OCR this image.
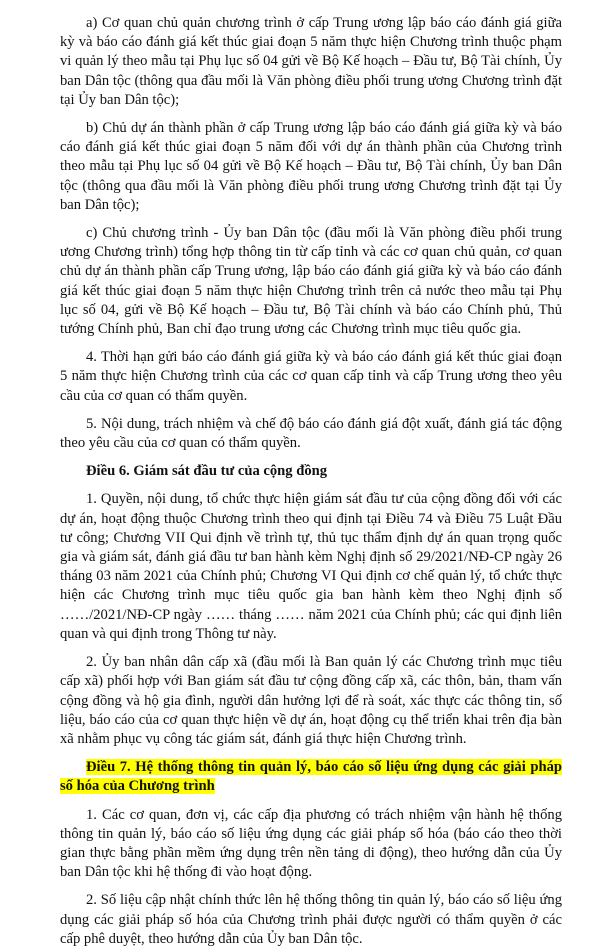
a) Cơ quan chủ quản chương trình ở cấp Trung ương lập báo cáo đánh giá giữa kỳ và báo cáo đánh giá kết thúc giai đoạn 5 năm thực hiện Chương trình thuộc phạm vi quản lý theo mẫu tại Phụ lục số 04 gửi về Bộ Kế hoạch – Đầu tư, Bộ Tài chính, Ủy ban Dân tộc (thông qua đầu mối là Văn phòng điều phối trung ương Chương trình đặt tại Ủy ban Dân tộc);

b) Chủ dự án thành phần ở cấp Trung ương lập báo cáo đánh giá giữa kỳ và báo cáo đánh giá kết thúc giai đoạn 5 năm đối với dự án thành phần của Chương trình theo mẫu tại Phụ lục số 04 gửi về Bộ Kế hoạch – Đầu tư, Bộ Tài chính, Ủy ban Dân tộc (thông qua đầu mối là Văn phòng điều phối trung ương Chương trình đặt tại Ủy ban Dân tộc);

c) Chủ chương trình - Ủy ban Dân tộc (đầu mối là Văn phòng điều phối trung ương Chương trình) tổng hợp thông tin từ cấp tỉnh và các cơ quan chủ quản, cơ quan chủ dự án thành phần cấp Trung ương, lập báo cáo đánh giá giữa kỳ và báo cáo đánh giá kết thúc giai đoạn 5 năm thực hiện Chương trình trên cả nước theo mẫu tại Phụ lục số 04, gửi về Bộ Kế hoạch – Đầu tư, Bộ Tài chính và báo cáo Chính phủ, Thủ tướng Chính phủ, Ban chỉ đạo trung ương các Chương trình mục tiêu quốc gia.

4. Thời hạn gửi báo cáo đánh giá giữa kỳ và báo cáo đánh giá kết thúc giai đoạn 5 năm thực hiện Chương trình của các cơ quan cấp tỉnh và cấp Trung ương theo yêu cầu của cơ quan có thẩm quyền.

5. Nội dung, trách nhiệm và chế độ báo cáo đánh giá đột xuất, đánh giá tác động theo yêu cầu của cơ quan có thẩm quyền.

Điều 6. Giám sát đầu tư của cộng đồng

1. Quyền, nội dung, tổ chức thực hiện giám sát đầu tư của cộng đồng đối với các dự án, hoạt động thuộc Chương trình theo qui định tại Điều 74 và Điều 75 Luật Đầu tư công; Chương VII Qui định về trình tự, thủ tục thẩm định dự án quan trọng quốc gia và giám sát, đánh giá đầu tư ban hành kèm Nghị định số 29/2021/NĐ-CP ngày 26 tháng 03 năm 2021 của Chính phủ; Chương VI Qui định cơ chế quản lý, tổ chức thực hiện các Chương trình mục tiêu quốc gia ban hành kèm theo Nghị định số ……/2021/NĐ-CP ngày …… tháng …… năm 2021 của Chính phủ; các qui định liên quan và qui định trong Thông tư này.

2. Ủy ban nhân dân cấp xã (đầu mối là Ban quản lý các Chương trình mục tiêu cấp xã) phối hợp với Ban giám sát đầu tư cộng đồng cấp xã, các thôn, bản, tham vấn cộng đồng và hộ gia đình, người dân hưởng lợi để rà soát, xác thực các thông tin, số liệu, báo cáo của cơ quan thực hiện về dự án, hoạt động cụ thể triển khai trên địa bàn xã nhằm phục vụ công tác giám sát, đánh giá thực hiện Chương trình.

Điều 7. Hệ thống thông tin quản lý, báo cáo số liệu ứng dụng các giải pháp số hóa của Chương trình

1. Các cơ quan, đơn vị, các cấp địa phương có trách nhiệm vận hành hệ thống thông tin quản lý, báo cáo số liệu ứng dụng các giải pháp số hóa (báo cáo theo thời gian thực bằng phần mềm ứng dụng trên nền tảng di động), theo hướng dẫn của Ủy ban Dân tộc khi hệ thống đi vào hoạt động.

2. Số liệu cập nhật chính thức lên hệ thống thông tin quản lý, báo cáo số liệu ứng dụng các giải pháp số hóa của Chương trình phải được người có thẩm quyền ở các cấp phê duyệt, theo hướng dẫn của Ủy ban Dân tộc.
